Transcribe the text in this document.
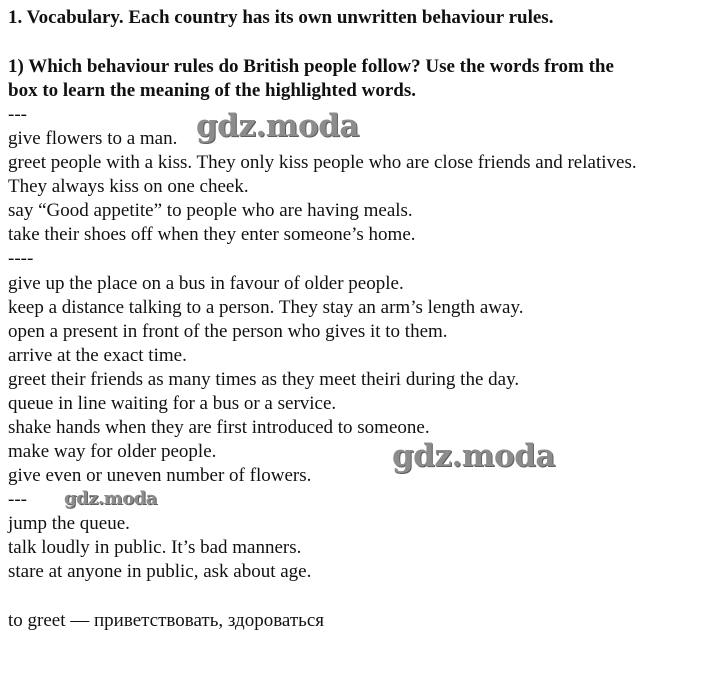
1. Vocabulary. Each country has its own unwritten behaviour rules.
1) Which behaviour rules do British people follow? Use the words from the
box to learn the meaning of the highlighted words.
---
give flowers to a man.
greet people with a kiss. They only kiss people who are close friends and relatives.
They always kiss on one cheek.
say “Good appetite” to people who are having meals.
take their shoes off when they enter someone’s home.
----
give up the place on a bus in favour of older people.
keep a distance talking to a person. They stay an arm’s length away.
open a present in front of the person who gives it to them.
arrive at the exact time.
greet their friends as many times as they meet theiri during the day.
queue in line waiting for a bus or a service.
shake hands when they are first introduced to someone.
make way for older people.
give even or uneven number of flowers.
---
jump the queue.
talk loudly in public. It’s bad manners.
stare at anyone in public, ask about age.
to greet — приветствовать, здороваться
gdz.moda
gdz.moda
gdz.moda
